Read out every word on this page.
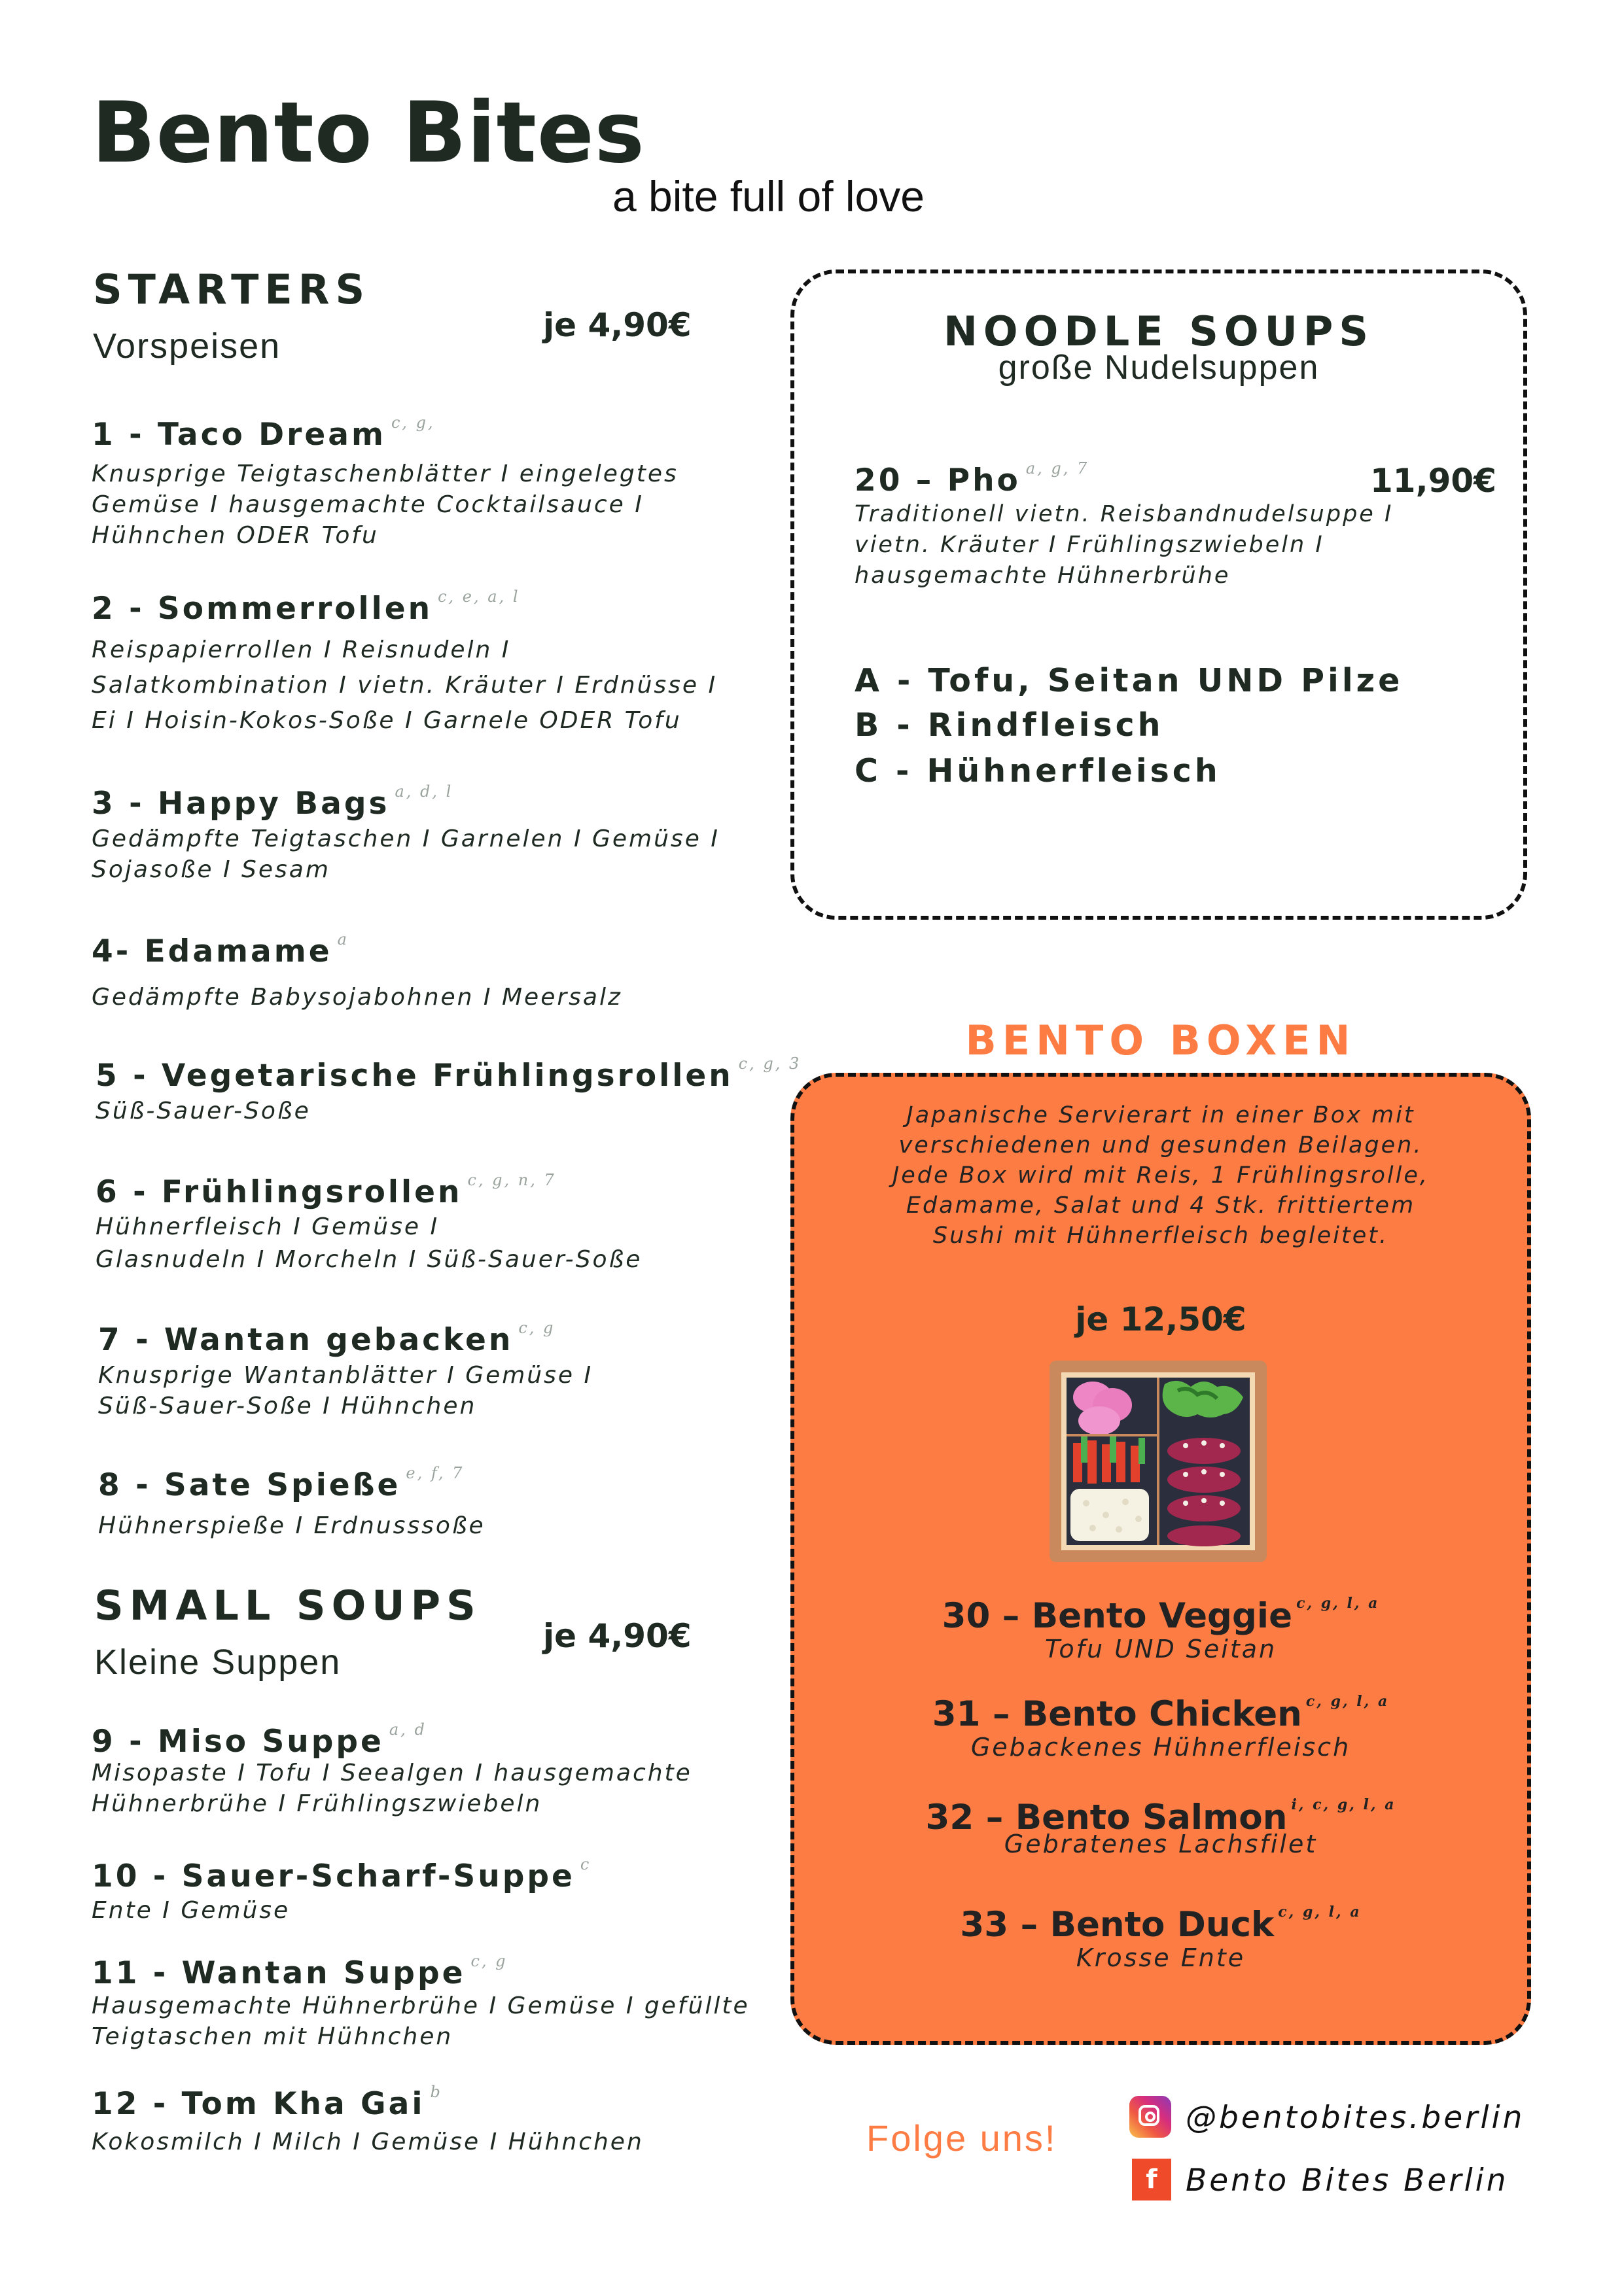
Bento Bites
a bite full of love
STARTERS
Vorspeisen
je 4,90€
1 - Taco Dream $^{c, g,}$
Knusprige Teigtaschenblätter I eingelegtes
Gemüse I hausgemachte Cocktailsauce I
Hühnchen ODER Tofu
2 - Sommerrollen $^{c, e, a, l}$
Reispapierrollen I Reisnudeln I
Salatkombination I vietn. Kräuter I Erdnüsse I
Ei I Hoisin-Kokos-Soße I Garnele ODER Tofu
3 - Happy Bags $^{a, d, l}$
Gedämpfte Teigtaschen I Garnelen I Gemüse I
Sojasoße I Sesam
4- Edamame $^a$
Gedämpfte Babysojabohnen I Meersalz
5 - Vegetarische Frühlingsrollen $^{c, g, 3}$
Süß-Sauer-Soße
6 - Frühlingsrollen $^{c, g, n, 7}$
Hühnerfleisch I Gemüse I
Glasnudeln I Morcheln I Süß-Sauer-Soße
7 - Wantan gebacken $^{c, g}$
Knusprige Wantanblätter I Gemüse I
Süß-Sauer-Soße I Hühnchen
8 - Sate Spieße $^{e, f, 7}$
Hühnerspieße I Erdnusssoße
SMALL SOUPS
Kleine Suppen
je 4,90€
9 - Miso Suppe $^{a, d}$
Misopaste I Tofu I Seealgen I hausgemachte
Hühnerbrühe I Frühlingszwiebeln
10 - Sauer-Scharf-Suppe $^c$
Ente I Gemüse
11 - Wantan Suppe $^{c, g}$
Hausgemachte Hühnerbrühe I Gemüse I gefüllte
Teigtaschen mit Hühnchen
12 - Tom Kha Gai $^b$
Kokosmilch I Milch I Gemüse I Hühnchen
NOODLE SOUPS
große Nudelsuppen
20 – Pho $^{a, g, 7}$
Traditionell vietn. Reisbandnudelsuppe I
vietn. Kräuter I Frühlingszwiebeln I
hausgemachte Hühnerbrühe
11,90€
A - Tofu, Seitan UND Pilze
B - Rindfleisch
C - Hühnerfleisch
BENTO BOXEN
Japanische Servierart in einer Box mit
verschiedenen und gesunden Beilagen.
Jede Box wird mit Reis, 1 Frühlingsrolle,
Edamame, Salat und 4 Stk. frittiertem
Sushi mit Hühnerfleisch begleitet.
je 12,50€
30 – Bento Veggie $^{c, g, l, a}$
Tofu UND Seitan
31 – Bento Chicken $^{c, g, l, a}$
Gebackenes Hühnerfleisch
32 – Bento Salmon $^{i, c, g, l, a}$
Gebratenes Lachsfilet
33 – Bento Duck $^{c, g, l, a}$
Krosse Ente
Folge uns!	@bentobites.berlin
f Bento Bites Berlin
